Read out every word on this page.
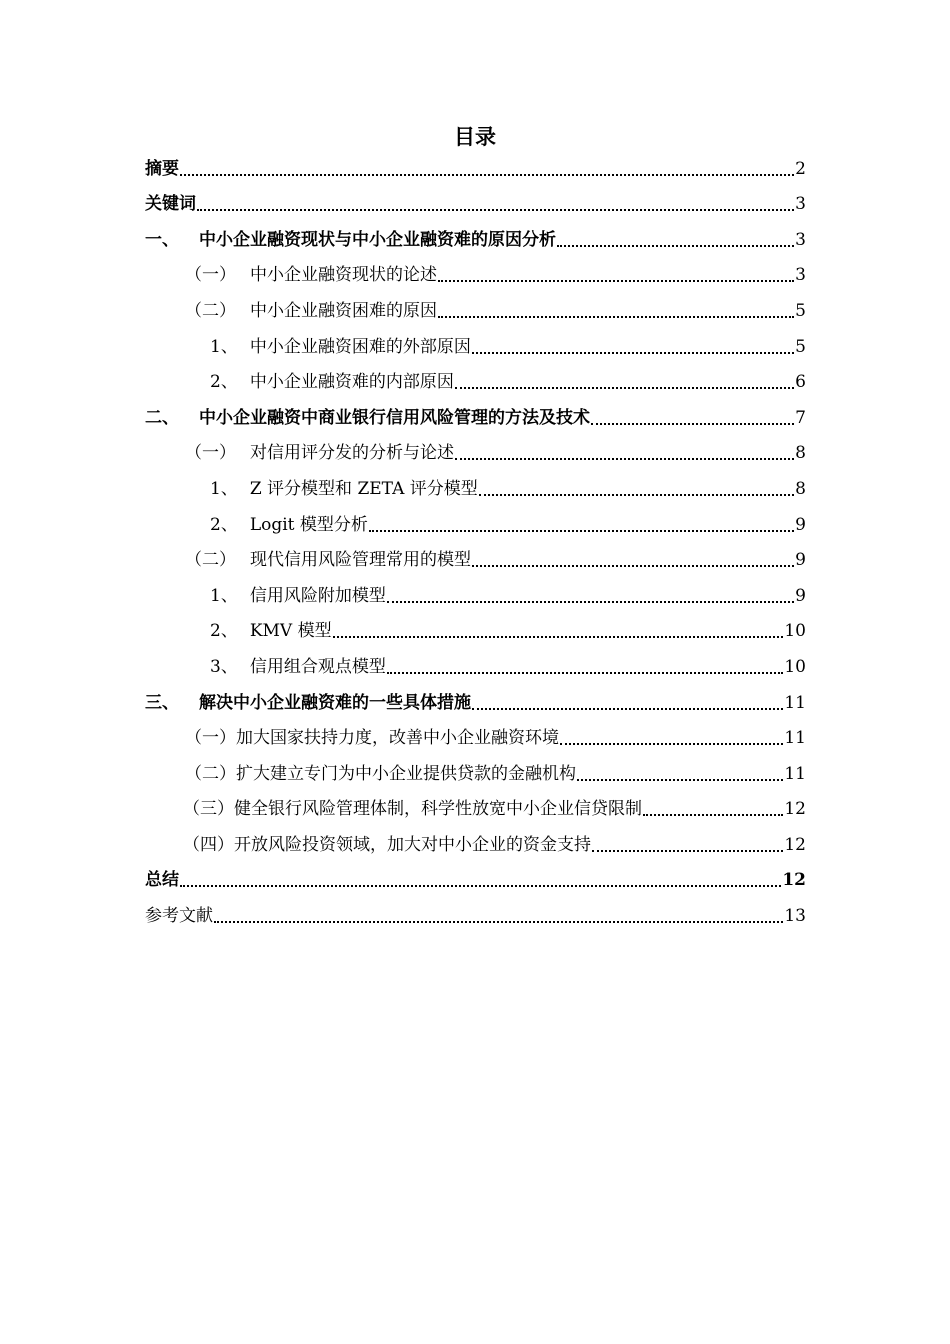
目录
摘要	2
关键词	3
一、 中小企业融资现状与中小企业融资难的原因分析	3
（一） 中小企业融资现状的论述	3
（二） 中小企业融资困难的原因	5
1、 中小企业融资困难的外部原因	5
2、 中小企业融资难的内部原因	6
二、 中小企业融资中商业银行信用风险管理的方法及技术	7
（一） 对信用评分发的分析与论述	8
1、 Z 评分模型和 ZETA 评分模型	8
2、 Logit 模型分析	9
（二） 现代信用风险管理常用的模型	9
1、 信用风险附加模型	9
2、 KMV 模型	10
3、 信用组合观点模型	10
三、 解决中小企业融资难的一些具体措施	11
（一） 加大国家扶持力度，改善中小企业融资环境	11
（二） 扩大建立专门为中小企业提供贷款的金融机构	11
（三） 健全银行风险管理体制，科学性放宽中小企业信贷限制	12
（四） 开放风险投资领域，加大对中小企业的资金支持	12
总结	12
参考文献	13
